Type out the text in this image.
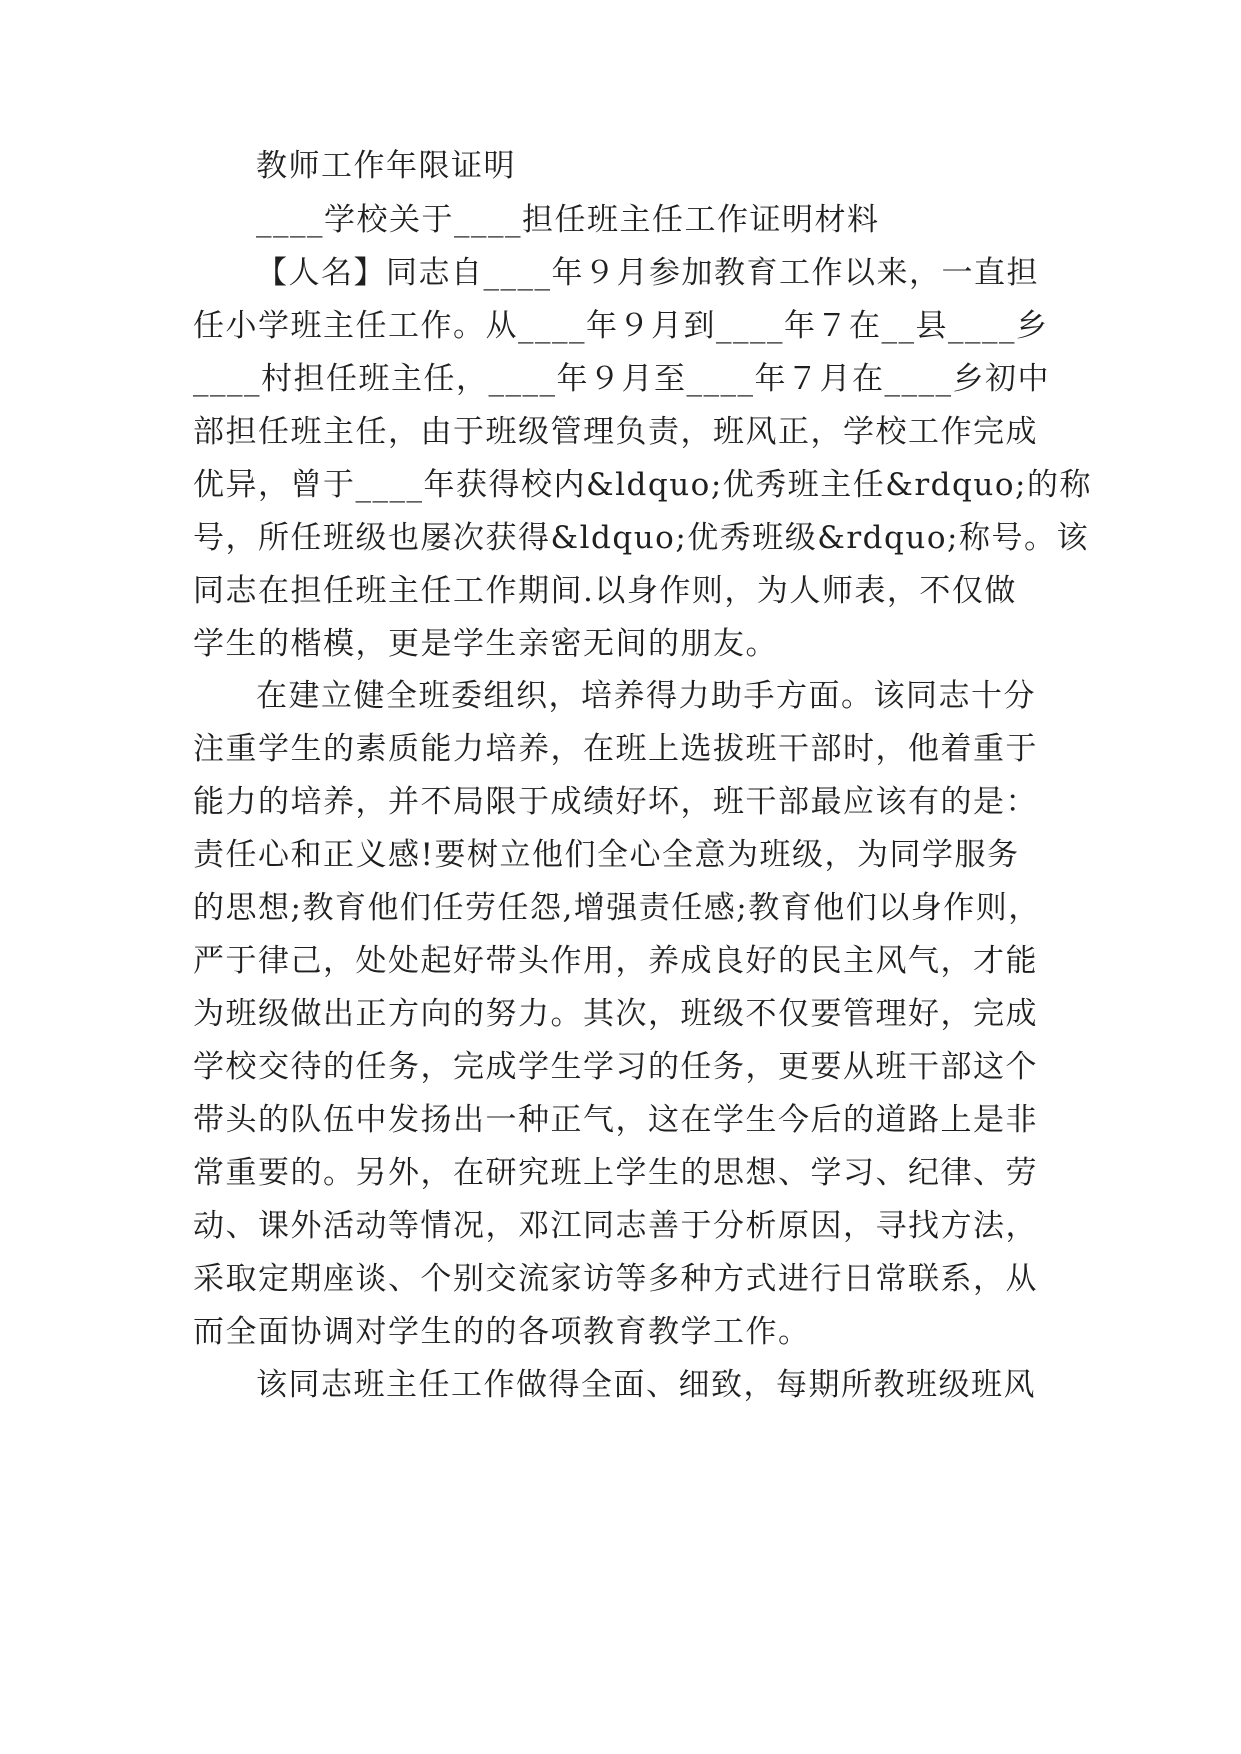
教师工作年限证明
____学校关于____担任班主任工作证明材料
【人名】同志自____年９月参加教育工作以来，一直担
任小学班主任工作。从____年９月到____年７在__县____乡
____村担任班主任，____年９月至____年７月在____乡初中
部担任班主任，由于班级管理负责，班风正，学校工作完成
优异，曾于____年获得校内&ldquo;优秀班主任&rdquo;的称
号，所任班级也屡次获得&ldquo;优秀班级&rdquo;称号。该
同志在担任班主任工作期间.以身作则，为人师表，不仅做
学生的楷模，更是学生亲密无间的朋友。
在建立健全班委组织，培养得力助手方面。该同志十分
注重学生的素质能力培养，在班上选拔班干部时，他着重于
能力的培养，并不局限于成绩好坏，班干部最应该有的是：
责任心和正义感!要树立他们全心全意为班级，为同学服务
的思想;教育他们任劳任怨,增强责任感;教育他们以身作则，
严于律己，处处起好带头作用，养成良好的民主风气，才能
为班级做出正方向的努力。其次，班级不仅要管理好，完成
学校交待的任务，完成学生学习的任务，更要从班干部这个
带头的队伍中发扬出一种正气，这在学生今后的道路上是非
常重要的。另外，在研究班上学生的思想、学习、纪律、劳
动、课外活动等情况，邓江同志善于分析原因，寻找方法，
采取定期座谈、个别交流家访等多种方式进行日常联系，从
而全面协调对学生的的各项教育教学工作。
该同志班主任工作做得全面、细致，每期所教班级班风
